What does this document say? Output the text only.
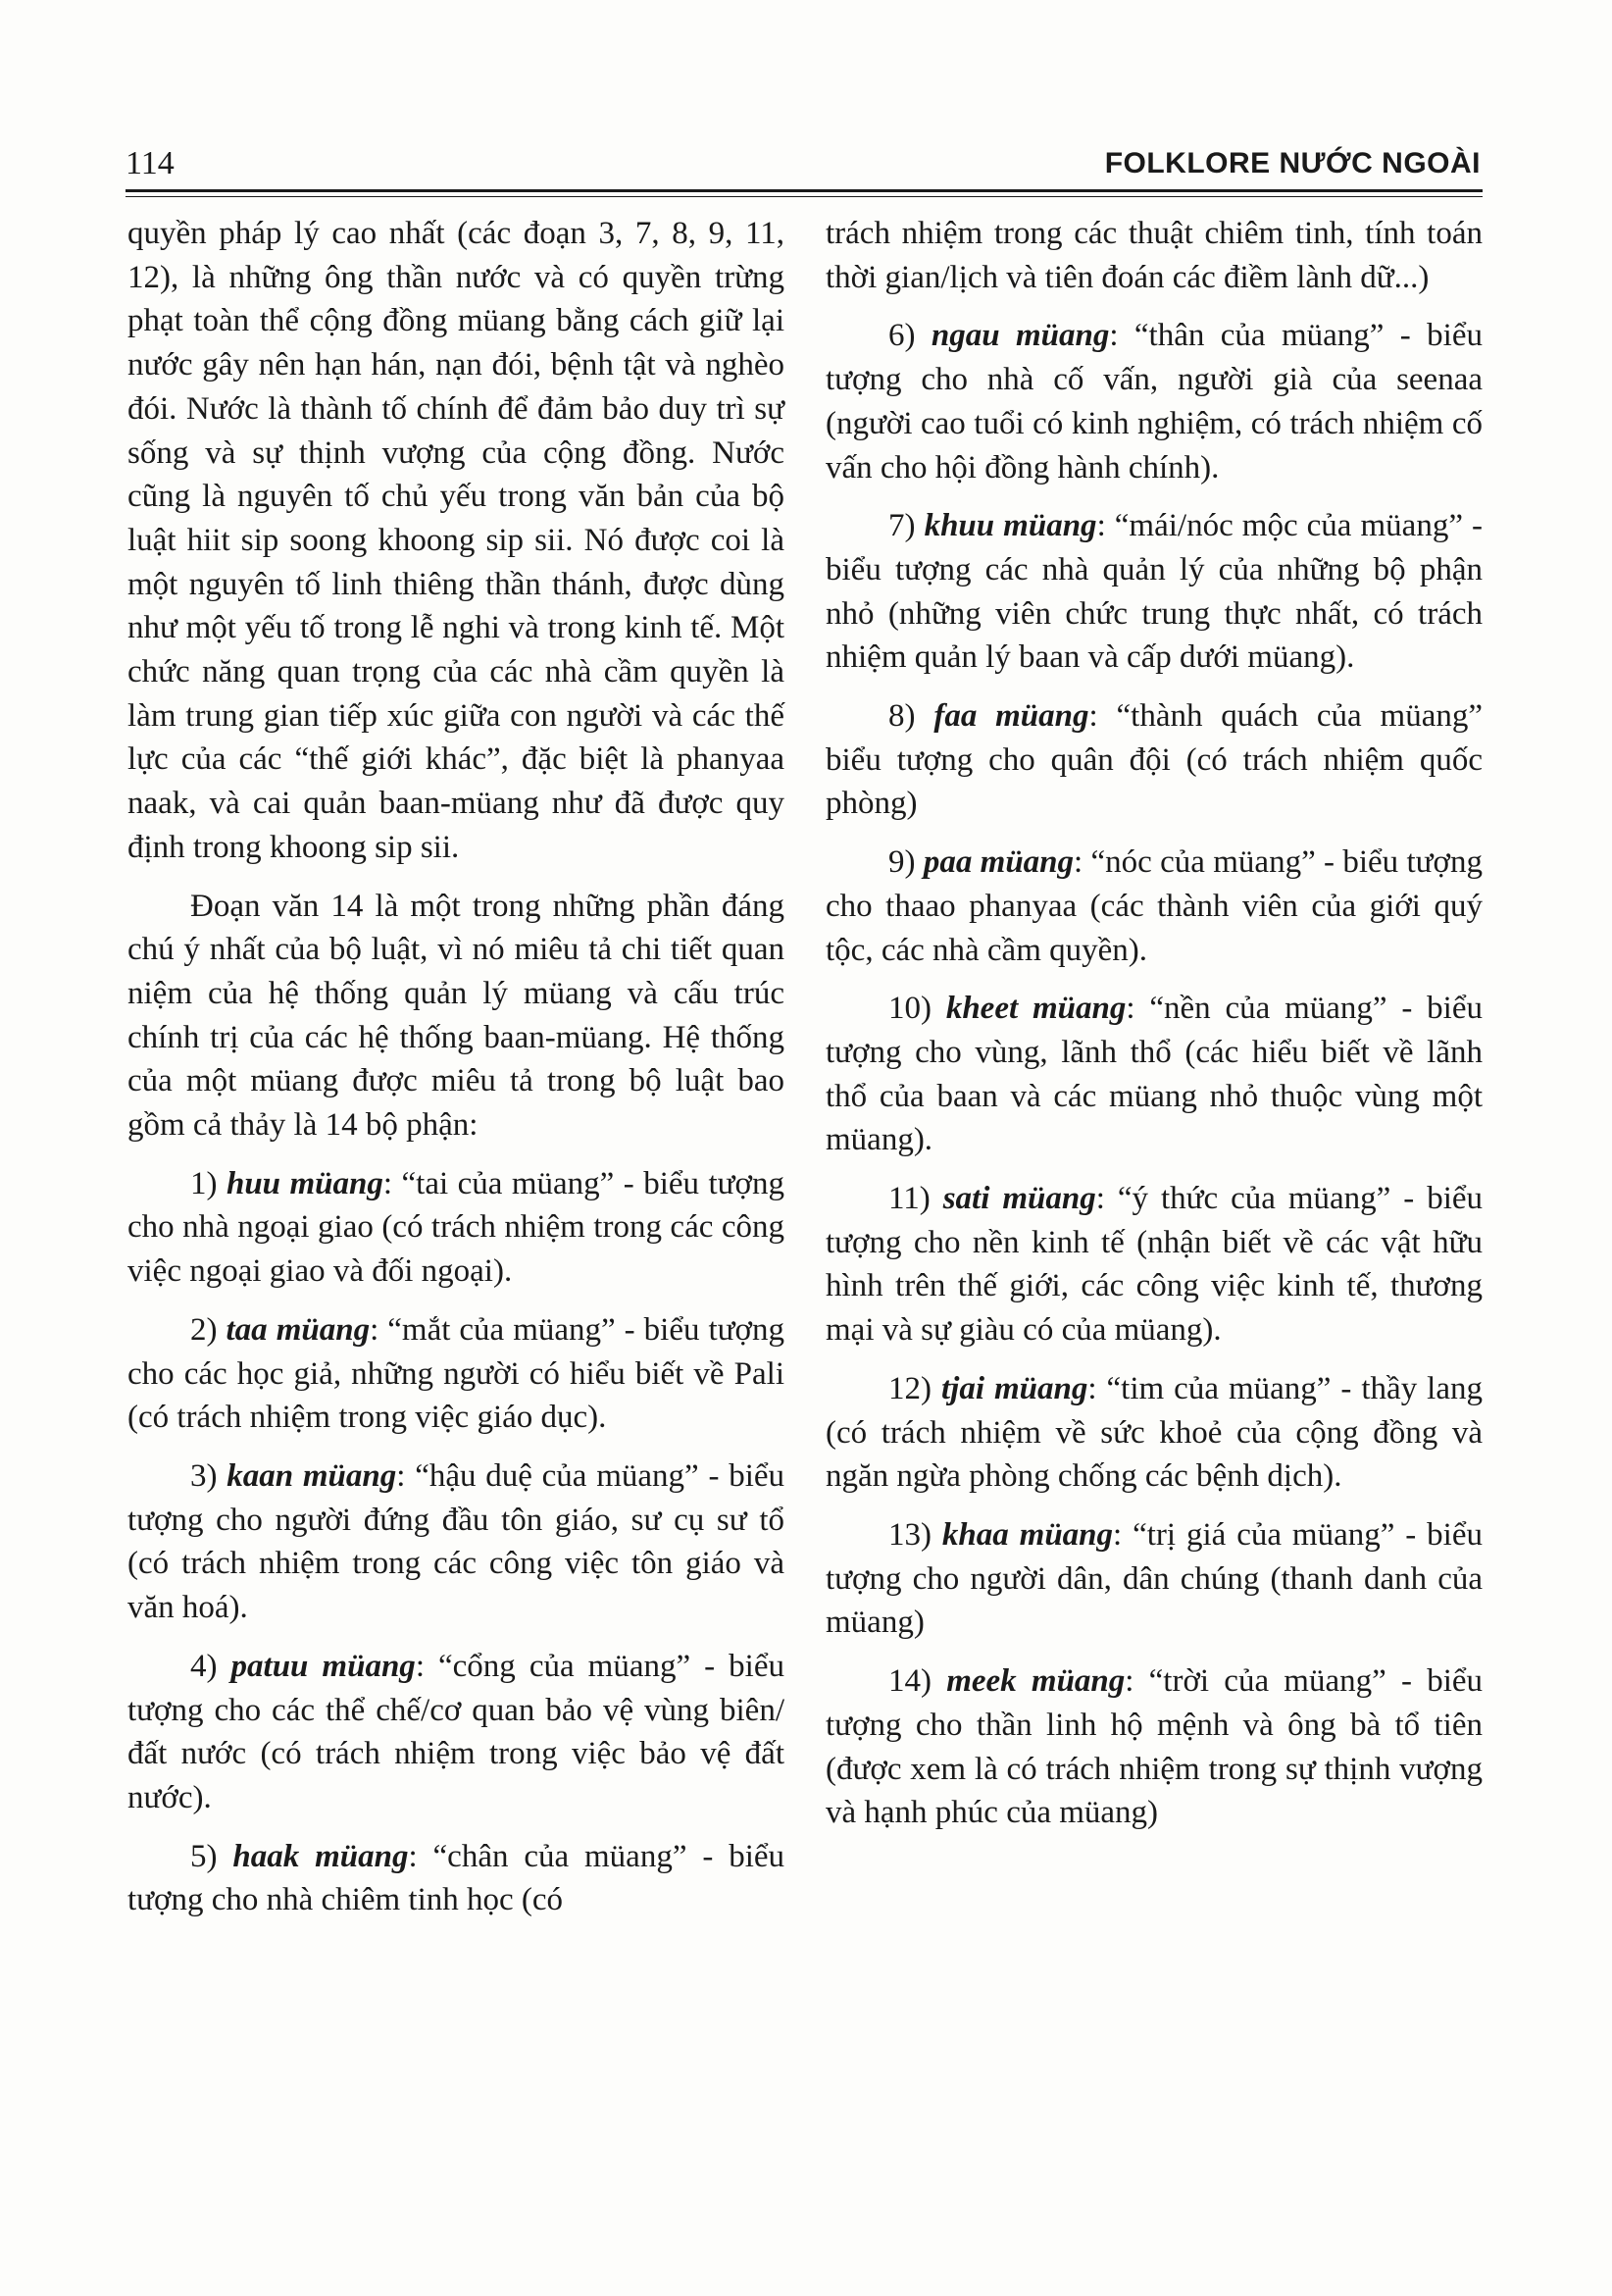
114	FOLKLORE NƯỚC NGOÀI

quyền pháp lý cao nhất (các đoạn 3, 7, 8, 9, 11, 12), là những ông thần nước và có quyền trừng phạt toàn thể cộng đồng müang bằng cách giữ lại nước gây nên hạn hán, nạn đói, bệnh tật và nghèo đói. Nước là thành tố chính để đảm bảo duy trì sự sống và sự thịnh vượng của cộng đồng. Nước cũng là nguyên tố chủ yếu trong văn bản của bộ luật hiit sip soong khoong sip sii. Nó được coi là một nguyên tố linh thiêng thần thánh, được dùng như một yếu tố trong lễ nghi và trong kinh tế. Một chức năng quan trọng của các nhà cầm quyền là làm trung gian tiếp xúc giữa con người và các thế lực của các “thế giới khác”, đặc biệt là phanyaa naak, và cai quản baan-müang như đã được quy định trong khoong sip sii.

Đoạn văn 14 là một trong những phần đáng chú ý nhất của bộ luật, vì nó miêu tả chi tiết quan niệm của hệ thống quản lý müang và cấu trúc chính trị của các hệ thống baan-müang. Hệ thống của một müang được miêu tả trong bộ luật bao gồm cả thảy là 14 bộ phận:

1) huu müang: “tai của müang” - biểu tượng cho nhà ngoại giao (có trách nhiệm trong các công việc ngoại giao và đối ngoại).

2) taa müang: “mắt của müang” - biểu tượng cho các học giả, những người có hiểu biết về Pali (có trách nhiệm trong việc giáo dục).

3) kaan müang: “hậu duệ của müang” - biểu tượng cho người đứng đầu tôn giáo, sư cụ sư tổ (có trách nhiệm trong các công việc tôn giáo và văn hoá).

4) patuu müang: “cổng của müang” - biểu tượng cho các thể chế/cơ quan bảo vệ vùng biên/đất nước (có trách nhiệm trong việc bảo vệ đất nước).

5) haak müang: “chân của müang” - biểu tượng cho nhà chiêm tinh học (có

trách nhiệm trong các thuật chiêm tinh, tính toán thời gian/lịch và tiên đoán các điềm lành dữ...)

6) ngau müang: “thân của müang” - biểu tượng cho nhà cố vấn, người già của seenaa (người cao tuổi có kinh nghiệm, có trách nhiệm cố vấn cho hội đồng hành chính).

7) khuu müang: “mái/nóc mộc của müang” - biểu tượng các nhà quản lý của những bộ phận nhỏ (những viên chức trung thực nhất, có trách nhiệm quản lý baan và cấp dưới müang).

8) faa müang: “thành quách của müang” biểu tượng cho quân đội (có trách nhiệm quốc phòng)

9) paa müang: “nóc của müang” - biểu tượng cho thaao phanyaa (các thành viên của giới quý tộc, các nhà cầm quyền).

10) kheet müang: “nền của müang” - biểu tượng cho vùng, lãnh thổ (các hiểu biết về lãnh thổ của baan và các müang nhỏ thuộc vùng một müang).

11) sati müang: “ý thức của müang” - biểu tượng cho nền kinh tế (nhận biết về các vật hữu hình trên thế giới, các công việc kinh tế, thương mại và sự giàu có của müang).

12) tjai müang: “tim của müang” - thầy lang (có trách nhiệm về sức khoẻ của cộng đồng và ngăn ngừa phòng chống các bệnh dịch).

13) khaa müang: “trị giá của müang” - biểu tượng cho người dân, dân chúng (thanh danh của müang)

14) meek müang: “trời của müang” - biểu tượng cho thần linh hộ mệnh và ông bà tổ tiên (được xem là có trách nhiệm trong sự thịnh vượng và hạnh phúc của müang)
